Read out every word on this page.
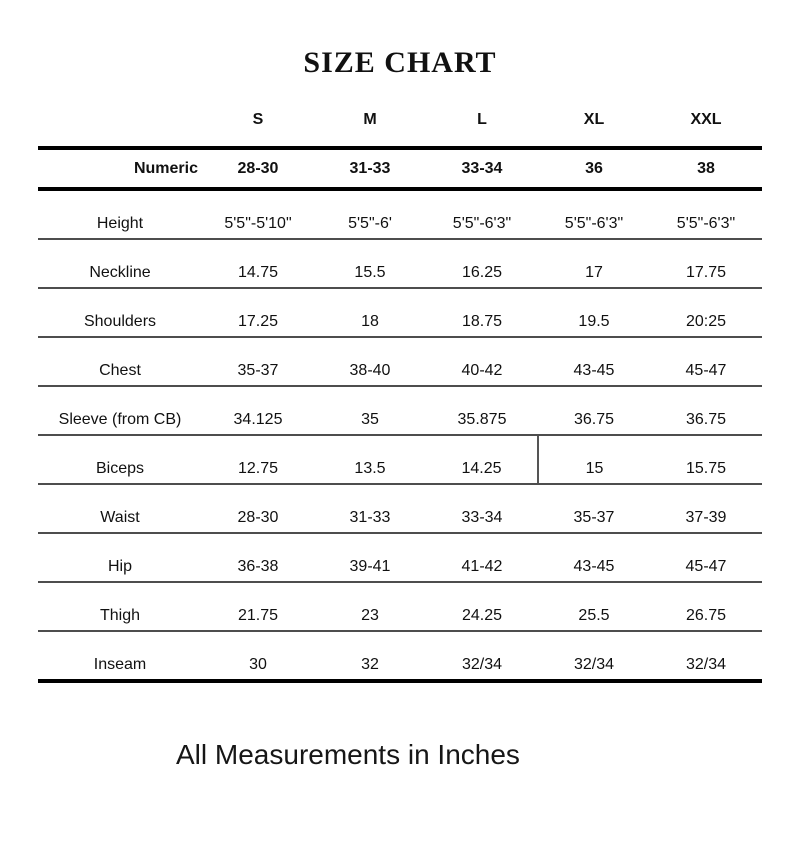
SIZE CHART
	S	M	L	XL	XXL
Numeric	28-30	31-33	33-34	36	38
Height	5'5"-5'10"	5'5"-6'	5'5"-6'3"	5'5"-6'3"	5'5"-6'3"
Neckline	14.75	15.5	16.25	17	17.75
Shoulders	17.25	18	18.75	19.5	20:25
Chest	35-37	38-40	40-42	43-45	45-47
Sleeve (from CB)	34.125	35	35.875	36.75	36.75
Biceps	12.75	13.5	14.25	15	15.75
Waist	28-30	31-33	33-34	35-37	37-39
Hip	36-38	39-41	41-42	43-45	45-47
Thigh	21.75	23	24.25	25.5	26.75
Inseam	30	32	32/34	32/34	32/34
All Measurements in Inches
